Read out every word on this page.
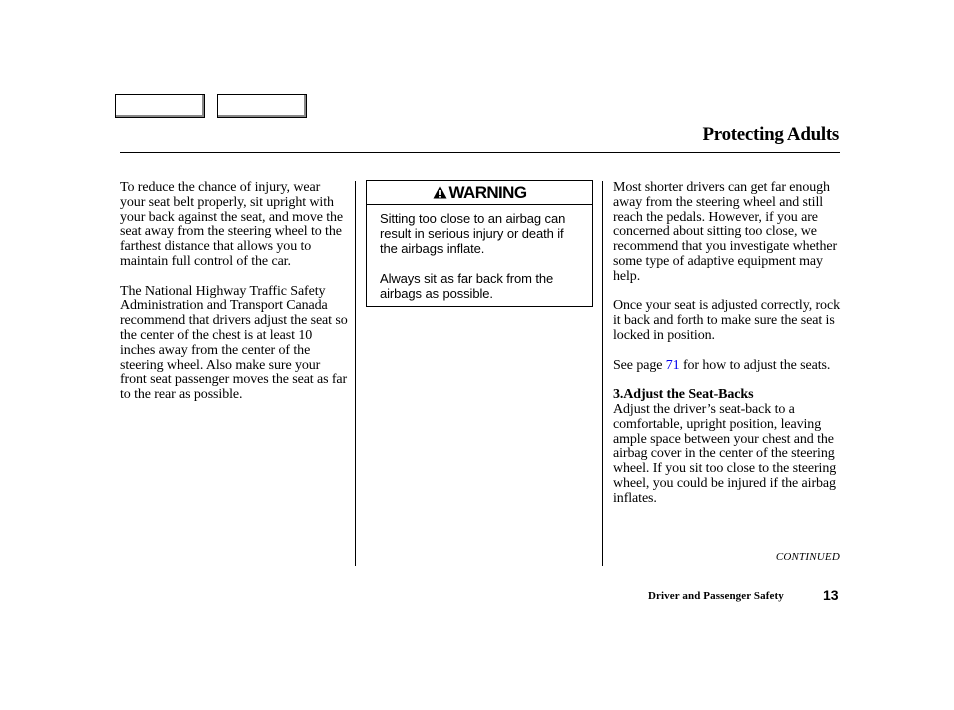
Protecting Adults

To reduce the chance of injury, wear your seat belt properly, sit upright with your back against the seat, and move the seat away from the steering wheel to the farthest distance that allows you to maintain full control of the car.

The National Highway Traffic Safety Administration and Transport Canada recommend that drivers adjust the seat so the center of the chest is at least 10 inches away from the center of the steering wheel. Also make sure your front seat passenger moves the seat as far to the rear as possible.

WARNING

Sitting too close to an airbag can result in serious injury or death if the airbags inflate.

Always sit as far back from the airbags as possible.

Most shorter drivers can get far enough away from the steering wheel and still reach the pedals. However, if you are concerned about sitting too close, we recommend that you investigate whether some type of adaptive equipment may help.

Once your seat is adjusted correctly, rock it back and forth to make sure the seat is locked in position.

See page 71 for how to adjust the seats.

3.Adjust the Seat-Backs
Adjust the driver’s seat-back to a comfortable, upright position, leaving ample space between your chest and the airbag cover in the center of the steering wheel. If you sit too close to the steering wheel, you could be injured if the airbag inflates.

CONTINUED
Driver and Passenger Safety	13
